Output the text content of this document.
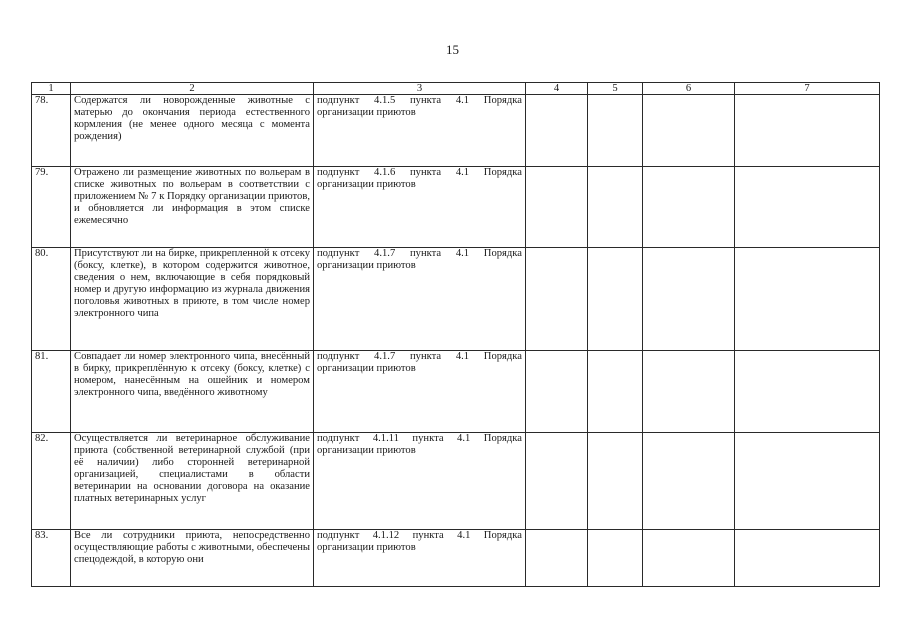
15
1	2	3	4	5	6	7
78.	Содержатся ли новорожденные животные с матерью до окончания периода естественного кормления (не менее одного месяца с момента рождения)	подпункт 4.1.5 пункта 4.1 Порядка организации приютов				
79.	Отражено ли размещение животных по вольерам в списке животных по вольерам в соответствии с приложением № 7 к Порядку организации приютов, и обновляется ли информация в этом списке ежемесячно	подпункт 4.1.6 пункта 4.1 Порядка организации приютов				
80.	Присутствуют ли на бирке, прикрепленной к отсеку (боксу, клетке), в котором содержится животное, сведения о нем, включающие в себя порядковый номер и другую информацию из журнала движения поголовья животных в приюте, в том числе номер электронного чипа	подпункт 4.1.7 пункта 4.1 Порядка организации приютов				
81.	Совпадает ли номер электронного чипа, внесённый в бирку, прикреплённую к отсеку (боксу, клетке) с номером, нанесённым на ошейник и номером электронного чипа, введённого животному	подпункт 4.1.7 пункта 4.1 Порядка организации приютов				
82.	Осуществляется ли ветеринарное обслуживание приюта (собственной ветеринарной службой (при её наличии) либо сторонней ветеринарной организацией, специалистами в области ветеринарии на основании договора на оказание платных ветеринарных услуг	подпункт 4.1.11 пункта 4.1 Порядка организации приютов				
83.	Все ли сотрудники приюта, непосредственно осуществляющие работы с животными, обеспечены спецодеждой, в которую они	подпункт 4.1.12 пункта 4.1 Порядка организации приютов				
